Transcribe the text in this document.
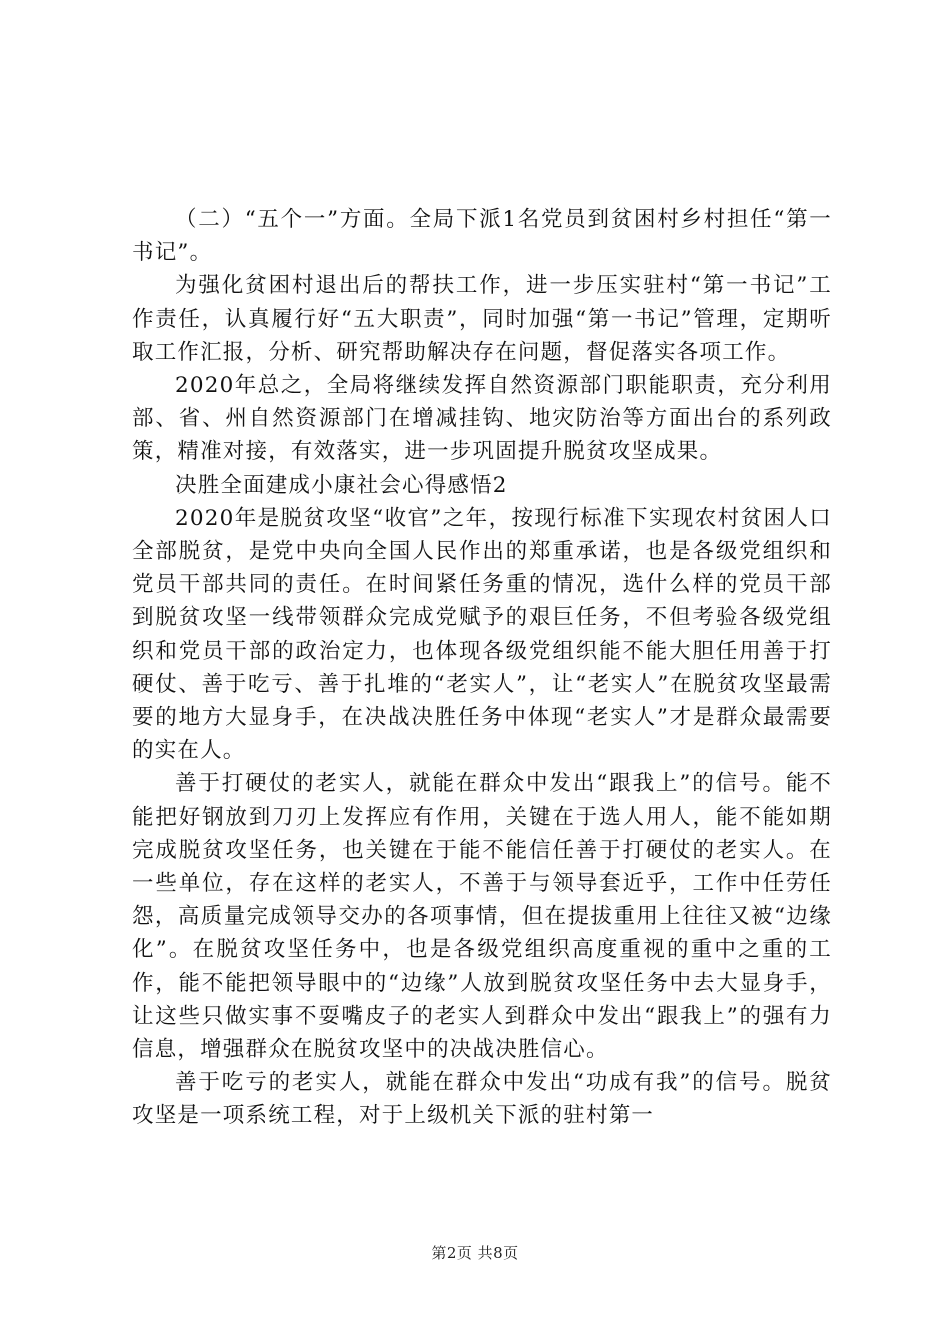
（二）“五个一”方面。全局下派1名党员到贫困村乡村担任“第一书记”。

为强化贫困村退出后的帮扶工作，进一步压实驻村“第一书记”工作责任，认真履行好“五大职责”，同时加强“第一书记”管理，定期听取工作汇报，分析、研究帮助解决存在问题，督促落实各项工作。

2020年总之，全局将继续发挥自然资源部门职能职责，充分利用部、省、州自然资源部门在增减挂钩、地灾防治等方面出台的系列政策，精准对接，有效落实，进一步巩固提升脱贫攻坚成果。

决胜全面建成小康社会心得感悟2

2020年是脱贫攻坚“收官”之年，按现行标准下实现农村贫困人口全部脱贫，是党中央向全国人民作出的郑重承诺，也是各级党组织和党员干部共同的责任。在时间紧任务重的情况，选什么样的党员干部到脱贫攻坚一线带领群众完成党赋予的艰巨任务，不但考验各级党组织和党员干部的政治定力，也体现各级党组织能不能大胆任用善于打硬仗、善于吃亏、善于扎堆的“老实人”，让“老实人”在脱贫攻坚最需要的地方大显身手，在决战决胜任务中体现“老实人”才是群众最需要的实在人。

善于打硬仗的老实人，就能在群众中发出“跟我上”的信号。能不能把好钢放到刀刃上发挥应有作用，关键在于选人用人，能不能如期完成脱贫攻坚任务，也关键在于能不能信任善于打硬仗的老实人。在一些单位，存在这样的老实人，不善于与领导套近乎，工作中任劳任怨，高质量完成领导交办的各项事情，但在提拔重用上往往又被“边缘化”。在脱贫攻坚任务中，也是各级党组织高度重视的重中之重的工作，能不能把领导眼中的“边缘”人放到脱贫攻坚任务中去大显身手，让这些只做实事不耍嘴皮子的老实人到群众中发出“跟我上”的强有力信息，增强群众在脱贫攻坚中的决战决胜信心。

善于吃亏的老实人，就能在群众中发出“功成有我”的信号。脱贫攻坚是一项系统工程，对于上级机关下派的驻村第一

第2页 共8页
